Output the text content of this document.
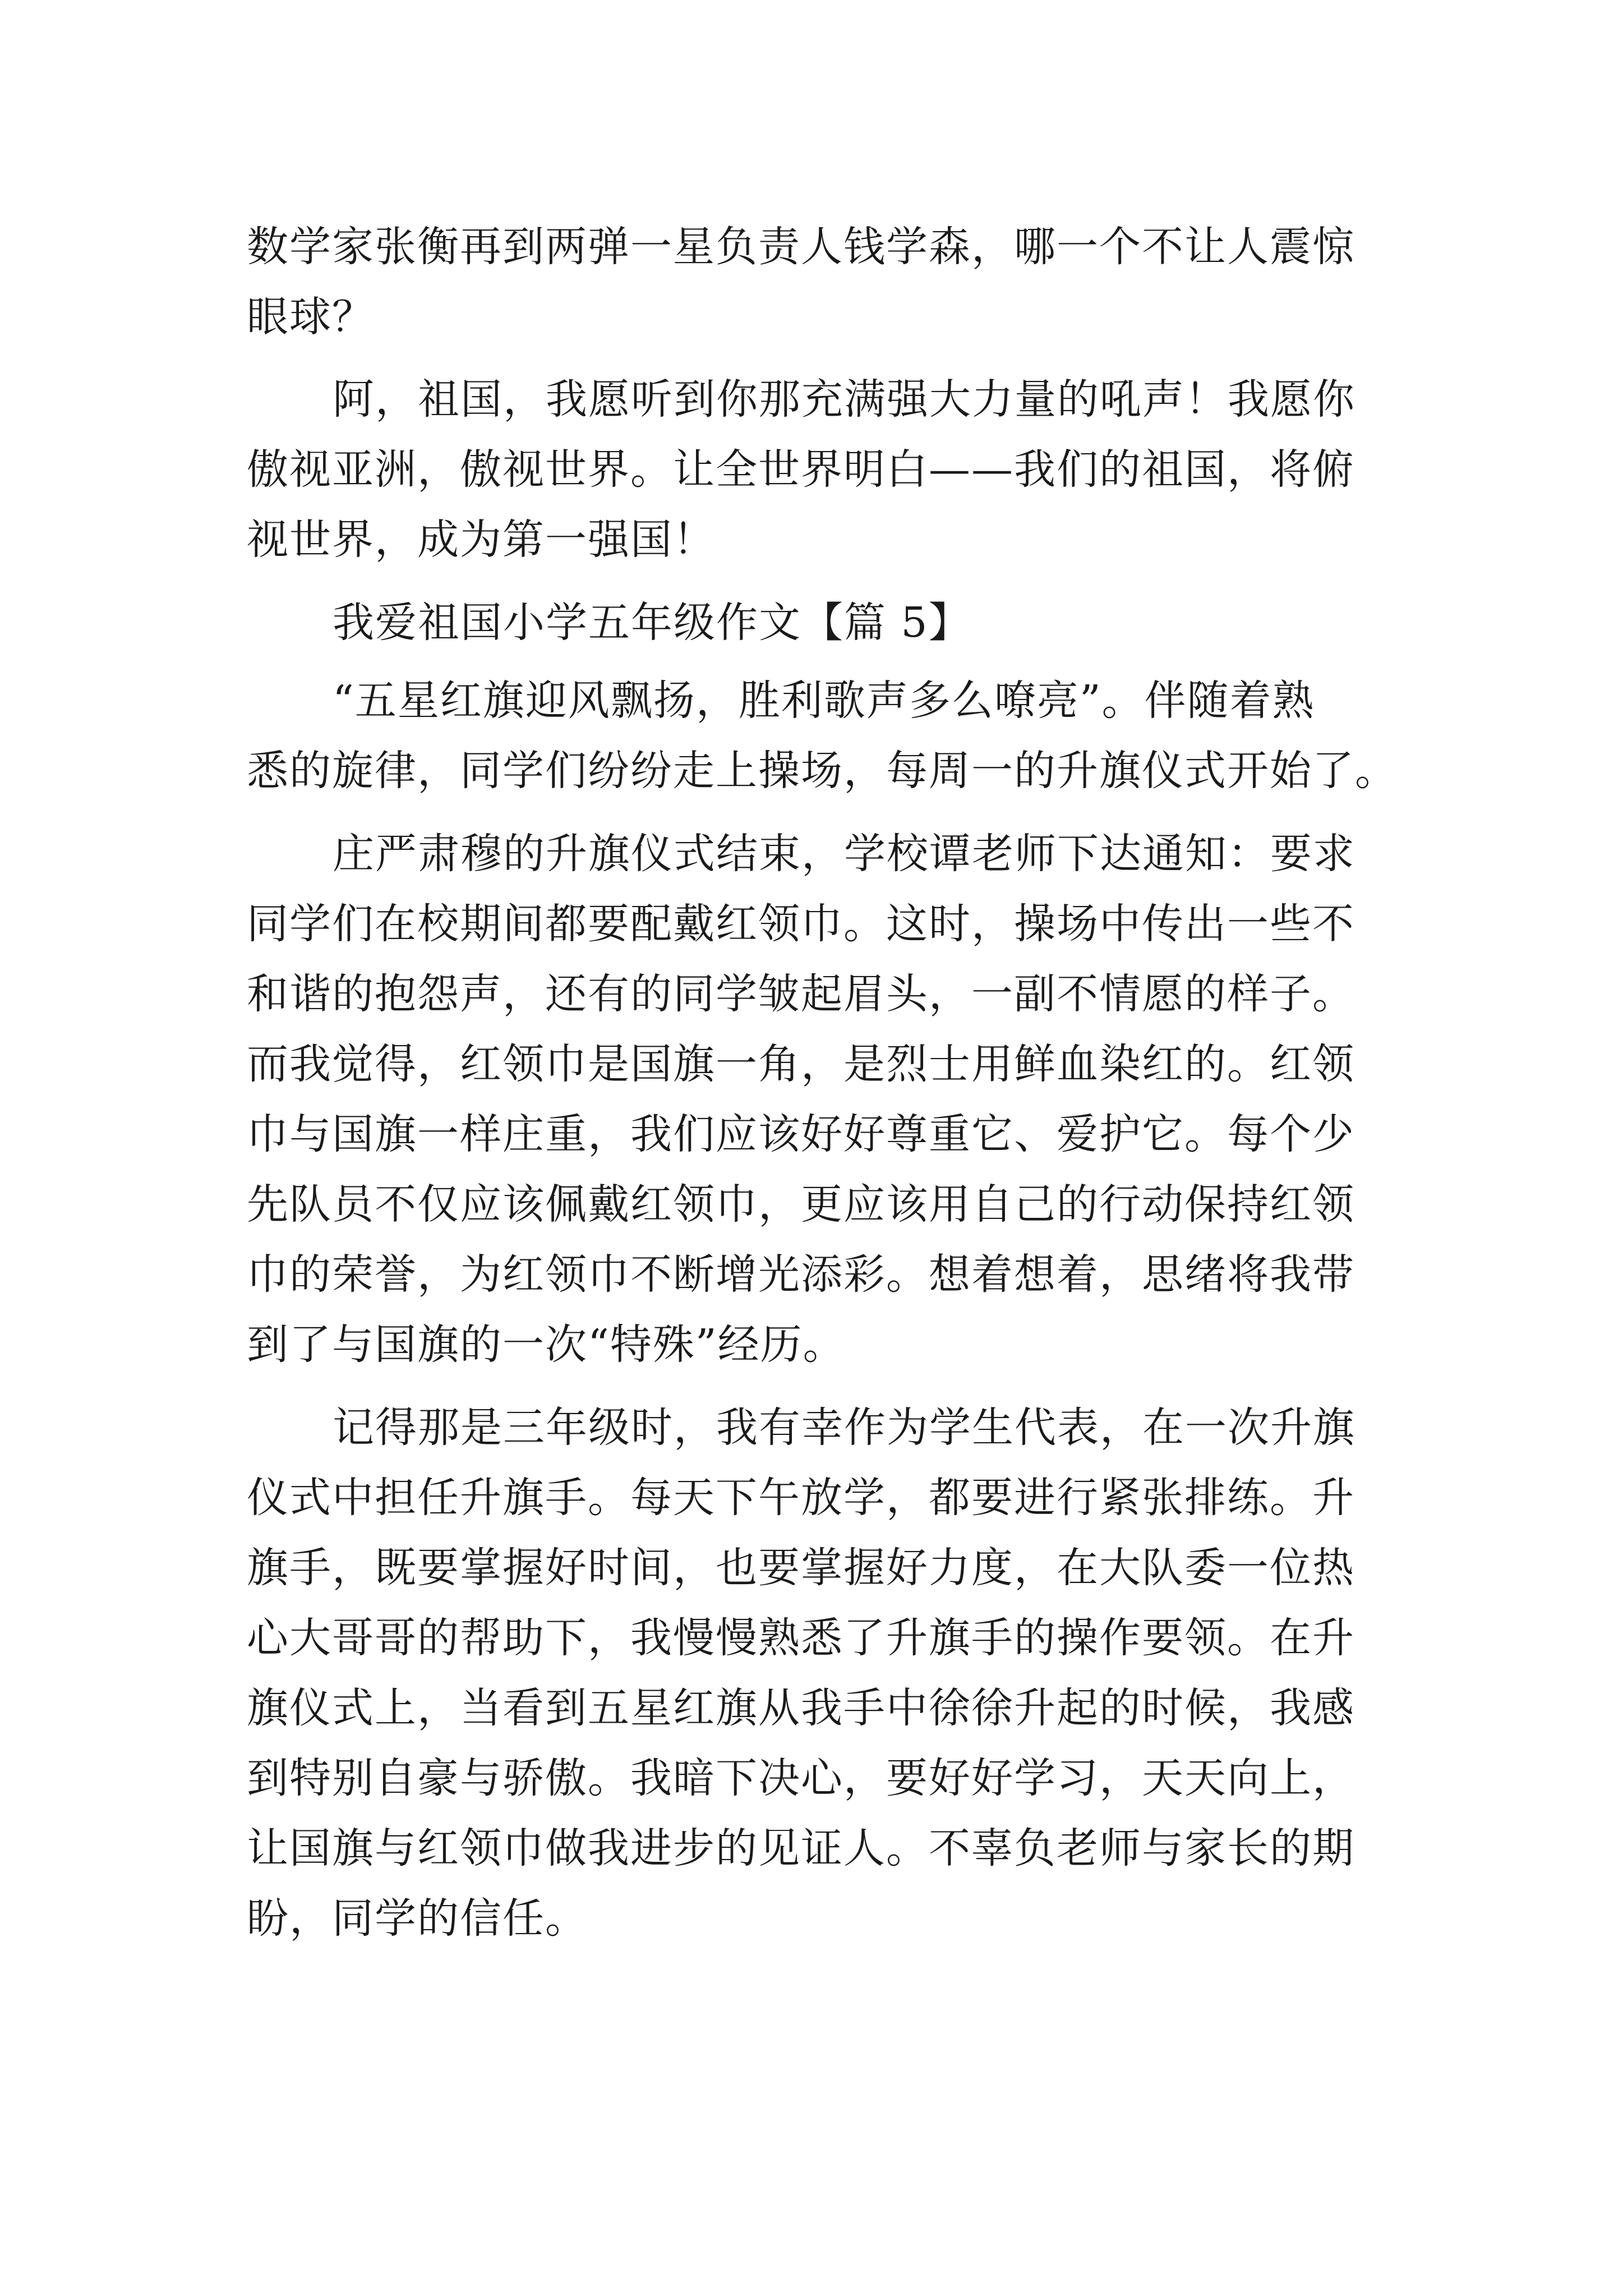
数学家张衡再到两弹一星负责人钱学森，哪一个不让人震惊
眼球？
阿，祖国，我愿听到你那充满强大力量的吼声！我愿你
傲视亚洲，傲视世界。让全世界明白——我们的祖国，将俯
视世界，成为第一强国！
我爱祖国小学五年级作文【篇 5】
“五星红旗迎风飘扬，胜利歌声多么嘹亮”。伴随着熟
悉的旋律，同学们纷纷走上操场，每周一的升旗仪式开始了。
庄严肃穆的升旗仪式结束，学校谭老师下达通知：要求
同学们在校期间都要配戴红领巾。这时，操场中传出一些不
和谐的抱怨声，还有的同学皱起眉头，一副不情愿的样子。
而我觉得，红领巾是国旗一角，是烈士用鲜血染红的。红领
巾与国旗一样庄重，我们应该好好尊重它、爱护它。每个少
先队员不仅应该佩戴红领巾，更应该用自己的行动保持红领
巾的荣誉，为红领巾不断增光添彩。想着想着，思绪将我带
到了与国旗的一次“特殊”经历。
记得那是三年级时，我有幸作为学生代表，在一次升旗
仪式中担任升旗手。每天下午放学，都要进行紧张排练。升
旗手，既要掌握好时间，也要掌握好力度，在大队委一位热
心大哥哥的帮助下，我慢慢熟悉了升旗手的操作要领。在升
旗仪式上，当看到五星红旗从我手中徐徐升起的时候，我感
到特别自豪与骄傲。我暗下决心，要好好学习，天天向上，
让国旗与红领巾做我进步的见证人。不辜负老师与家长的期
盼，同学的信任。
